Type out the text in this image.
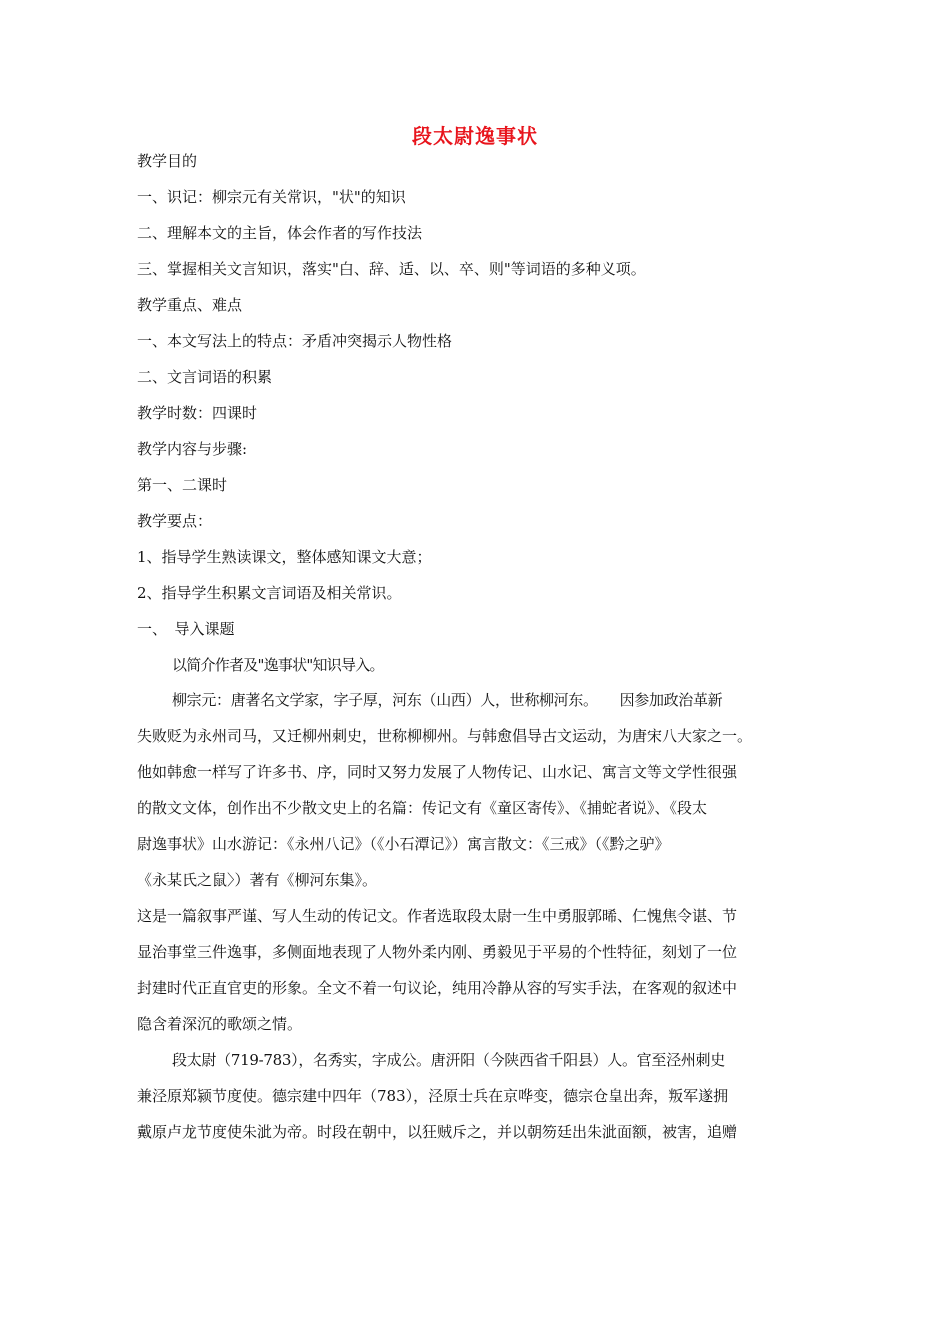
段太尉逸事状
教学目的
一、识记：柳宗元有关常识，"状"的知识
二、理解本文的主旨，体会作者的写作技法
三、掌握相关文言知识，落实"白、辞、适、以、卒、则"等词语的多种义项。
教学重点、难点
一、本文写法上的特点：矛盾冲突揭示人物性格
二、文言词语的积累
教学时数：四课时
教学内容与步骤:
第一、二课时
教学要点：
1、指导学生熟读课文，整体感知课文大意；
2、指导学生积累文言词语及相关常识。
一、　导入课题
以简介作者及"逸事状"知识导入。
柳宗元：唐著名文学家，字子厚，河东（山西）人，世称柳河东。　　因参加政治革新
失败贬为永州司马，又迁柳州刺史，世称柳柳州。与韩愈倡导古文运动，为唐宋八大家之一。
他如韩愈一样写了许多书、序，同时又努力发展了人物传记、山水记、寓言文等文学性很强
的散文文体，创作出不少散文史上的名篇：传记文有《童区寄传》、《捕蛇者说》、《段太
尉逸事状》山水游记：《永州八记》（《小石潭记》）寓言散文：《三戒》（《黔之驴》
《永某氏之鼠〉）著有《柳河东集》。
这是一篇叙事严谨、写人生动的传记文。作者选取段太尉一生中勇服郭晞、仁愧焦令谌、节
显治事堂三件逸事，多侧面地表现了人物外柔内刚、勇毅见于平易的个性特征，刻划了一位
封建时代正直官吏的形象。全文不着一句议论，纯用冷静从容的写实手法，在客观的叙述中
隐含着深沉的歌颂之情。
段太尉（719-783），名秀实，字成公。唐汧阳（今陕西省千阳县）人。官至泾州刺史
兼泾原郑颍节度使。德宗建中四年（783），泾原士兵在京哗变，德宗仓皇出奔，叛军遂拥
戴原卢龙节度使朱泚为帝。时段在朝中，以狂贼斥之，并以朝笏廷出朱泚面额，被害，追赠
